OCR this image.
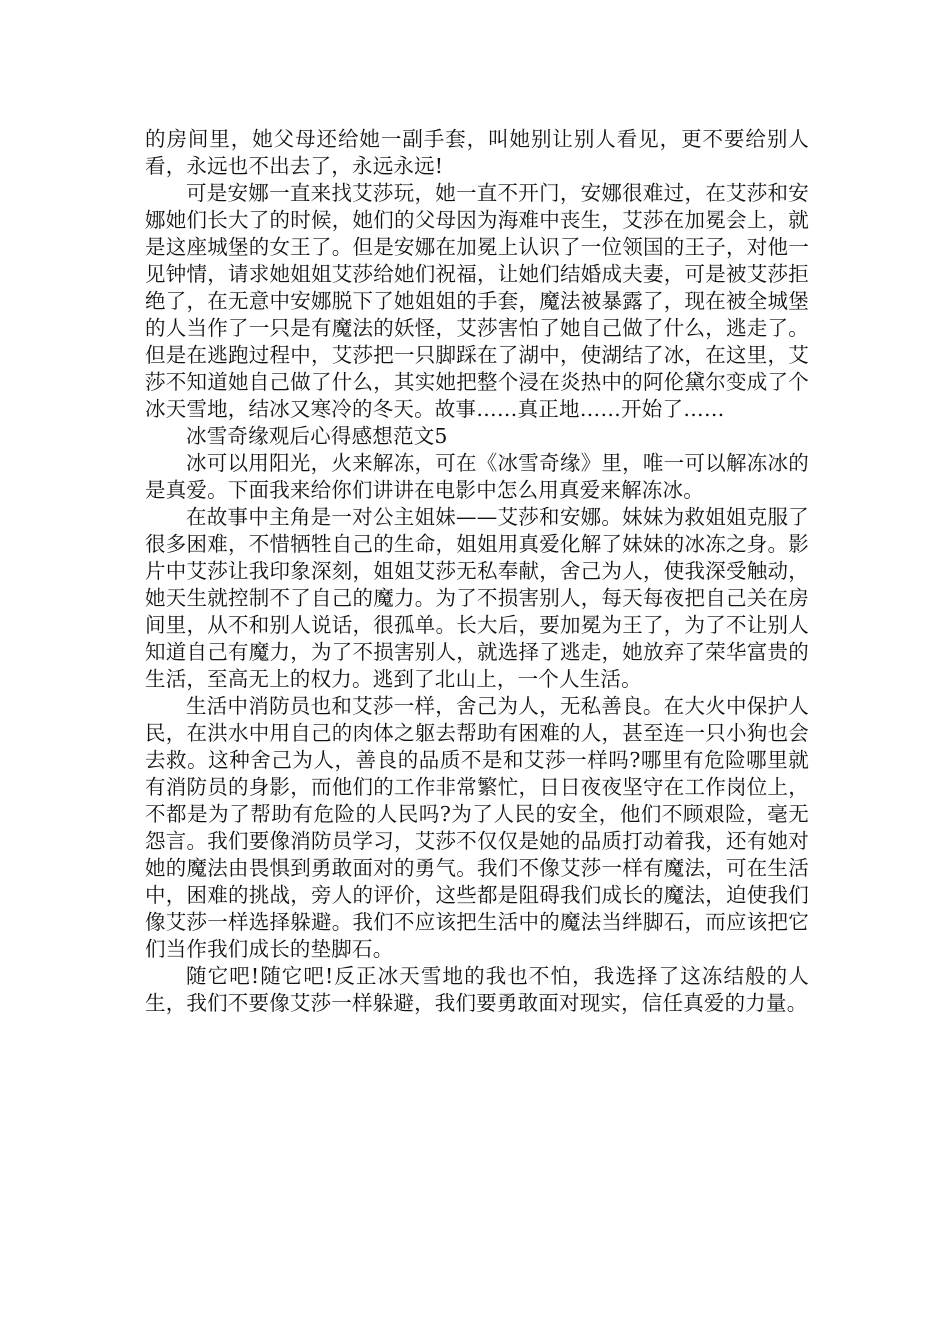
的房间里，她父母还给她一副手套，叫她别让别人看见，更不要给别人看，永远也不出去了，永远永远!

可是安娜一直来找艾莎玩，她一直不开门，安娜很难过，在艾莎和安娜她们长大了的时候，她们的父母因为海难中丧生，艾莎在加冕会上，就是这座城堡的女王了。但是安娜在加冕上认识了一位领国的王子，对他一见钟情，请求她姐姐艾莎给她们祝福，让她们结婚成夫妻，可是被艾莎拒绝了，在无意中安娜脱下了她姐姐的手套，魔法被暴露了，现在被全城堡的人当作了一只是有魔法的妖怪，艾莎害怕了她自己做了什么，逃走了。但是在逃跑过程中，艾莎把一只脚踩在了湖中，使湖结了冰，在这里，艾莎不知道她自己做了什么，其实她把整个浸在炎热中的阿伦黛尔变成了个冰天雪地，结冰又寒冷的冬天。故事……真正地……开始了……

冰雪奇缘观后心得感想范文5

冰可以用阳光，火来解冻，可在《冰雪奇缘》里，唯一可以解冻冰的是真爱。下面我来给你们讲讲在电影中怎么用真爱来解冻冰。

在故事中主角是一对公主姐妹——艾莎和安娜。妹妹为救姐姐克服了很多困难，不惜牺牲自己的生命，姐姐用真爱化解了妹妹的冰冻之身。影片中艾莎让我印象深刻，姐姐艾莎无私奉献，舍己为人，使我深受触动，她天生就控制不了自己的魔力。为了不损害别人，每天每夜把自己关在房间里，从不和别人说话，很孤单。长大后，要加冕为王了，为了不让别人知道自己有魔力，为了不损害别人，就选择了逃走，她放弃了荣华富贵的生活，至高无上的权力。逃到了北山上，一个人生活。

生活中消防员也和艾莎一样，舍己为人，无私善良。在大火中保护人民，在洪水中用自己的肉体之躯去帮助有困难的人，甚至连一只小狗也会去救。这种舍己为人，善良的品质不是和艾莎一样吗?哪里有危险哪里就有消防员的身影，而他们的工作非常繁忙，日日夜夜坚守在工作岗位上，不都是为了帮助有危险的人民吗?为了人民的安全，他们不顾艰险，毫无怨言。我们要像消防员学习，艾莎不仅仅是她的品质打动着我，还有她对她的魔法由畏惧到勇敢面对的勇气。我们不像艾莎一样有魔法，可在生活中，困难的挑战，旁人的评价，这些都是阻碍我们成长的魔法，迫使我们像艾莎一样选择躲避。我们不应该把生活中的魔法当绊脚石，而应该把它们当作我们成长的垫脚石。

随它吧!随它吧!反正冰天雪地的我也不怕，我选择了这冻结般的人生，我们不要像艾莎一样躲避，我们要勇敢面对现实，信任真爱的力量。
